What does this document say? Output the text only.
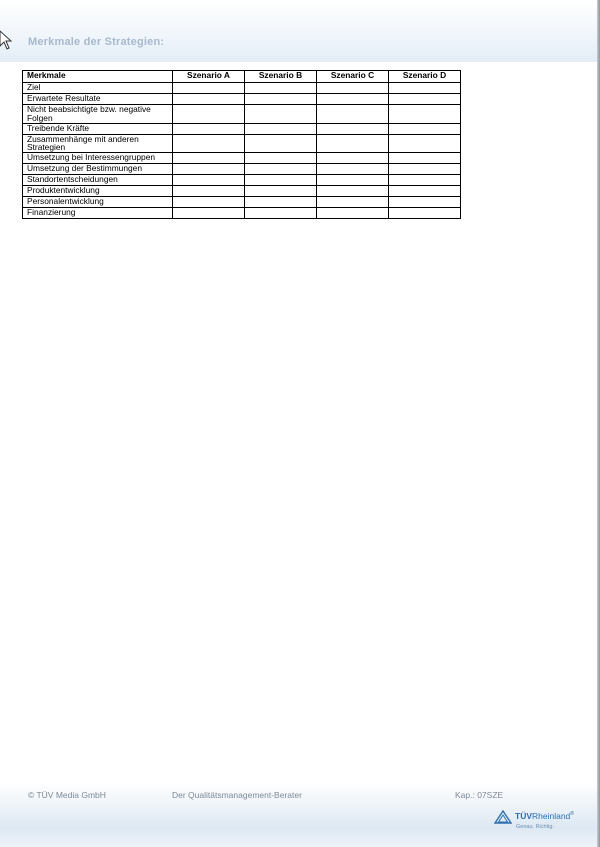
Merkmale der Strategien:
Merkmale	Szenario A	Szenario B	Szenario C	Szenario D
Ziel				
Erwartete Resultate				
Nicht beabsichtigte bzw. negative Folgen				
Treibende Kräfte				
Zusammenhänge mit anderen Strategien				
Umsetzung bei Interessengruppen				
Umsetzung der Bestimmungen				
Standortentscheidungen				
Produktentwicklung				
Personalentwicklung				
Finanzierung				
© TÜV Media GmbH	Der Qualitätsmanagement-Berater	Kap.: 07SZE
TÜVRheinland®
Genau. Richtig.
